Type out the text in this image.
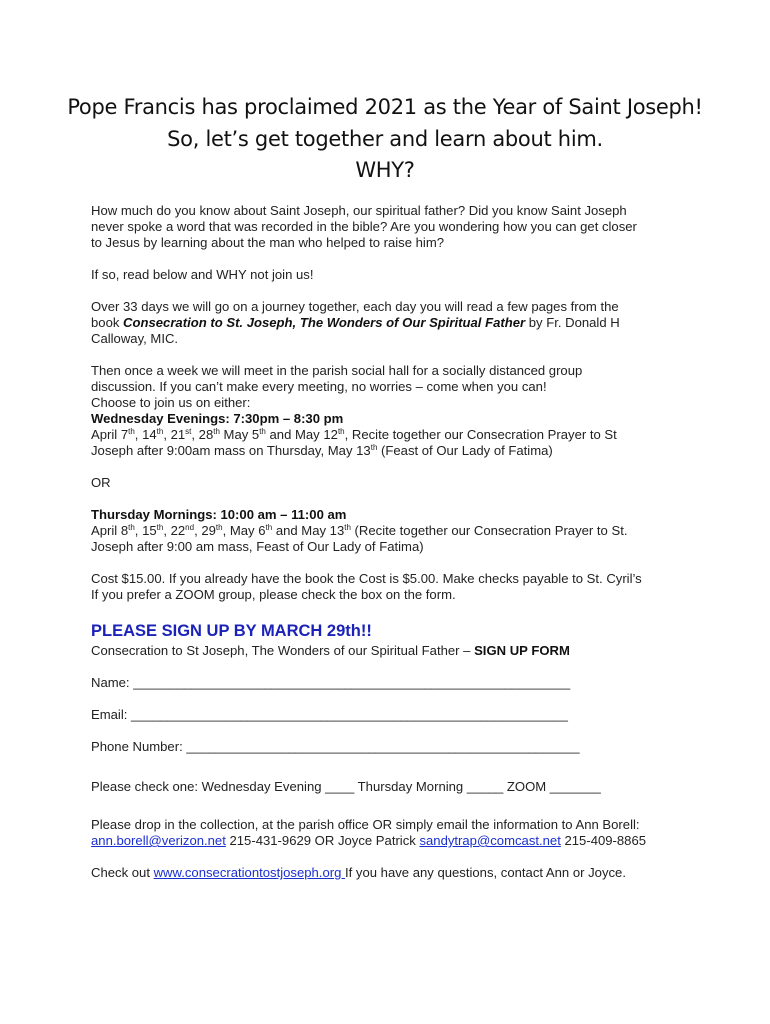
Pope Francis has proclaimed 2021 as the Year of Saint Joseph!
So, let’s get together and learn about him.
WHY?

How much do you know about Saint Joseph, our spiritual father? Did you know Saint Joseph
never spoke a word that was recorded in the bible? Are you wondering how you can get closer
to Jesus by learning about the man who helped to raise him?

If so, read below and WHY not join us!

Over 33 days we will go on a journey together, each day you will read a few pages from the
book Consecration to St. Joseph, The Wonders of Our Spiritual Father by Fr. Donald H
Calloway, MIC.

Then once a week we will meet in the parish social hall for a socially distanced group
discussion. If you can’t make every meeting, no worries – come when you can!
Choose to join us on either:
Wednesday Evenings: 7:30pm – 8:30 pm
April 7th, 14th, 21st, 28th May 5th and May 12th, Recite together our Consecration Prayer to St
Joseph after 9:00am mass on Thursday, May 13th (Feast of Our Lady of Fatima)

OR

Thursday Mornings: 10:00 am – 11:00 am
April 8th, 15th, 22nd, 29th, May 6th and May 13th (Recite together our Consecration Prayer to St.
Joseph after 9:00 am mass, Feast of Our Lady of Fatima)

Cost $15.00. If you already have the book the Cost is $5.00. Make checks payable to St. Cyril’s
If you prefer a ZOOM group, please check the box on the form.

PLEASE SIGN UP BY MARCH 29th!!
Consecration to St Joseph, The Wonders of our Spiritual Father – SIGN UP FORM
Name: ____________________________________________________________
Email: ____________________________________________________________
Phone Number: ______________________________________________________
Please check one: Wednesday Evening ____ Thursday Morning _____ ZOOM _______

Please drop in the collection, at the parish office OR simply email the information to Ann Borell:
ann.borell@verizon.net 215-431-9629 OR Joyce Patrick sandytrap@comcast.net 215-409-8865

Check out www.consecrationtostjoseph.org If you have any questions, contact Ann or Joyce.
